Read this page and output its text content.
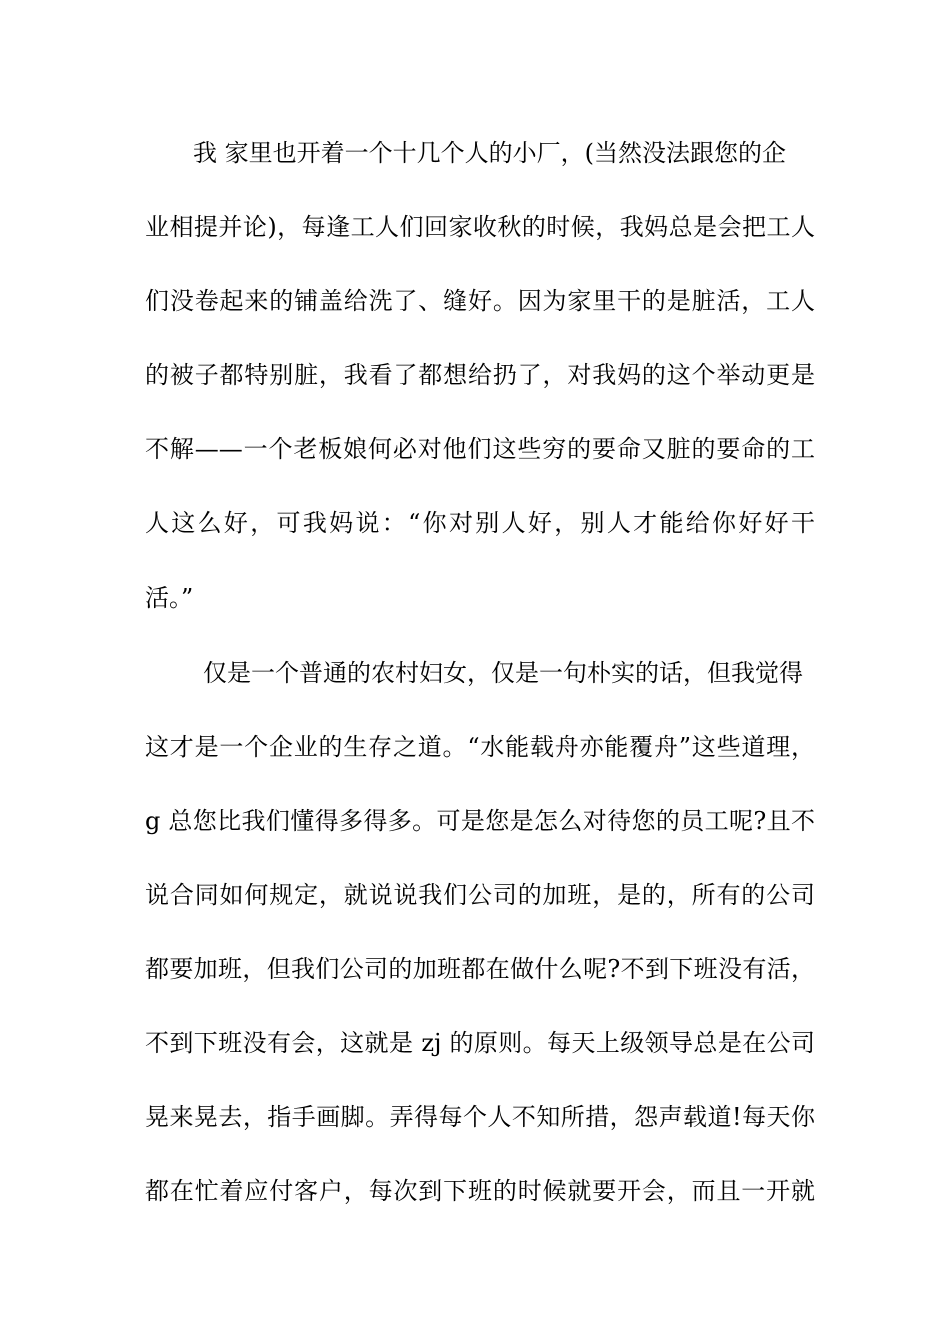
我 家里也开着一个十几个人的小厂，(当然没法跟您的企
业相提并论)，每逢工人们回家收秋的时候，我妈总是会把工人
们没卷起来的铺盖给洗了、缝好。因为家里干的是脏活，工人
的被子都特别脏，我看了都想给扔了，对我妈的这个举动更是
不解——一个老板娘何必对他们这些穷的要命又脏的要命的工
人这么好，可我妈说：“你对别人好，别人才能给你好好干
活。”
仅是一个普通的农村妇女，仅是一句朴实的话，但我觉得
这才是一个企业的生存之道。“水能载舟亦能覆舟”这些道理，
g 总您比我们懂得多得多。可是您是怎么对待您的员工呢?且不
说合同如何规定，就说说我们公司的加班，是的，所有的公司
都要加班，但我们公司的加班都在做什么呢?不到下班没有活，
不到下班没有会，这就是 zj 的原则。每天上级领导总是在公司
晃来晃去，指手画脚。弄得每个人不知所措，怨声载道!每天你
都在忙着应付客户，每次到下班的时候就要开会，而且一开就
